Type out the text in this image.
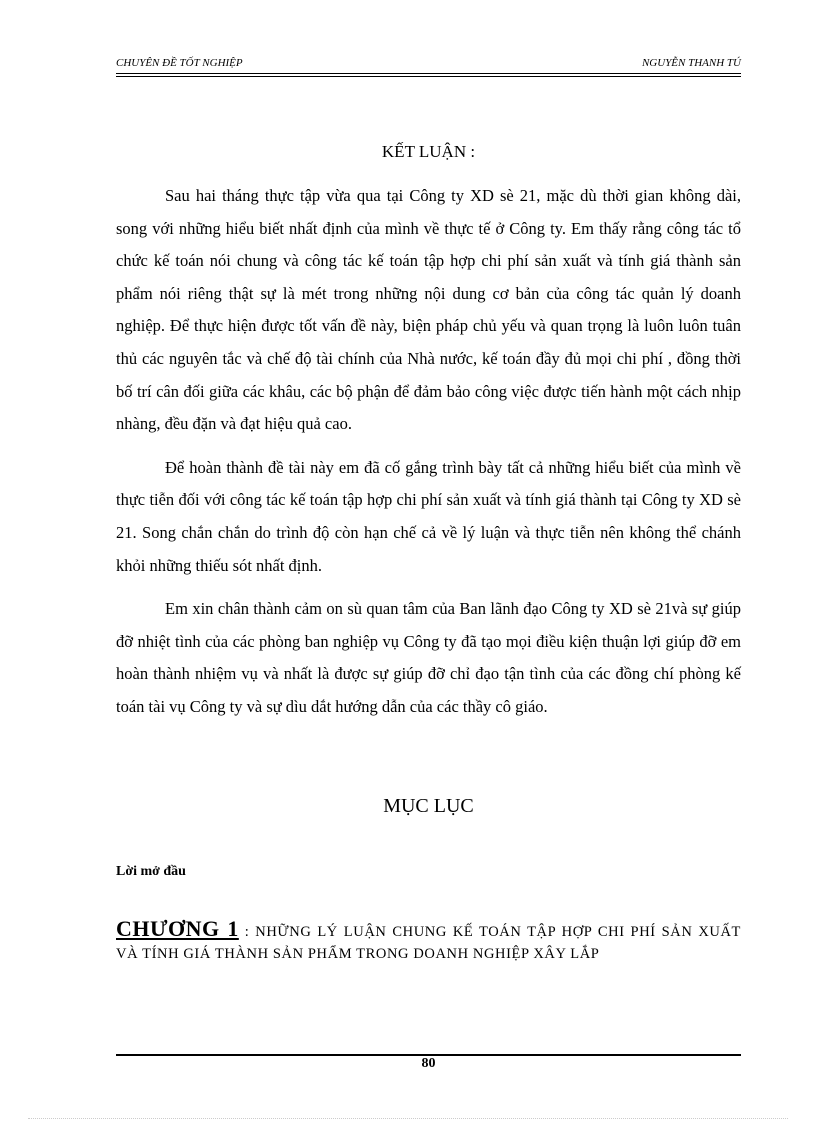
CHUYÊN ĐỀ TỐT NGHIỆP	NGUYỄN THANH TÚ
KẾT LUẬN :

Sau hai tháng thực tập vừa qua tại Công ty XD sè 21, mặc dù thời gian không dài, song với những hiểu biết nhất định của mình về thực tế ở Công ty. Em thấy rằng công tác tổ chức kế toán nói chung và công tác kế toán tập hợp chi phí sản xuất và tính giá thành sản phẩm nói riêng thật sự là mét trong những nội dung cơ bản của công tác quản lý doanh nghiệp. Để thực hiện được tốt vấn đề này, biện pháp chủ yếu và quan trọng là luôn luôn tuân thủ các nguyên tắc và chế độ tài chính của Nhà nước, kế toán đầy đủ mọi chi phí , đồng thời bố trí cân đối giữa các khâu, các bộ phận để đảm bảo công việc được tiến hành một cách nhịp nhàng, đều đặn và đạt hiệu quả cao.

Để hoàn thành đề tài này em đã cố gắng trình bày tất cả những hiểu biết của mình về thực tiễn đối với công tác kế toán tập hợp chi phí sản xuất và tính giá thành tại Công ty XD sè 21. Song chắn chắn do trình độ còn hạn chế cả về lý luận và thực tiễn nên không thể chánh khỏi những thiếu sót nhất định.

Em xin chân thành cảm on sù quan tâm của Ban lãnh đạo Công ty XD sè 21và sự giúp đỡ nhiệt tình của các phòng ban nghiệp vụ Công ty đã tạo mọi điều kiện thuận lợi giúp đỡ em hoàn thành nhiệm vụ và nhất là được sự giúp đỡ chỉ đạo tận tình của các đồng chí phòng kế toán tài vụ Công ty và sự dìu dắt hướng dẫn của các thầy cô giáo.

MỤC LỤC
Lời mở đầu
CHƯƠNG 1 : NHỮNG LÝ LUẬN CHUNG KẾ TOÁN TẬP HỢP CHI PHÍ SẢN XUẤT VÀ TÍNH GIÁ THÀNH SẢN PHẨM TRONG DOANH NGHIỆP XÂY LẮP
80
